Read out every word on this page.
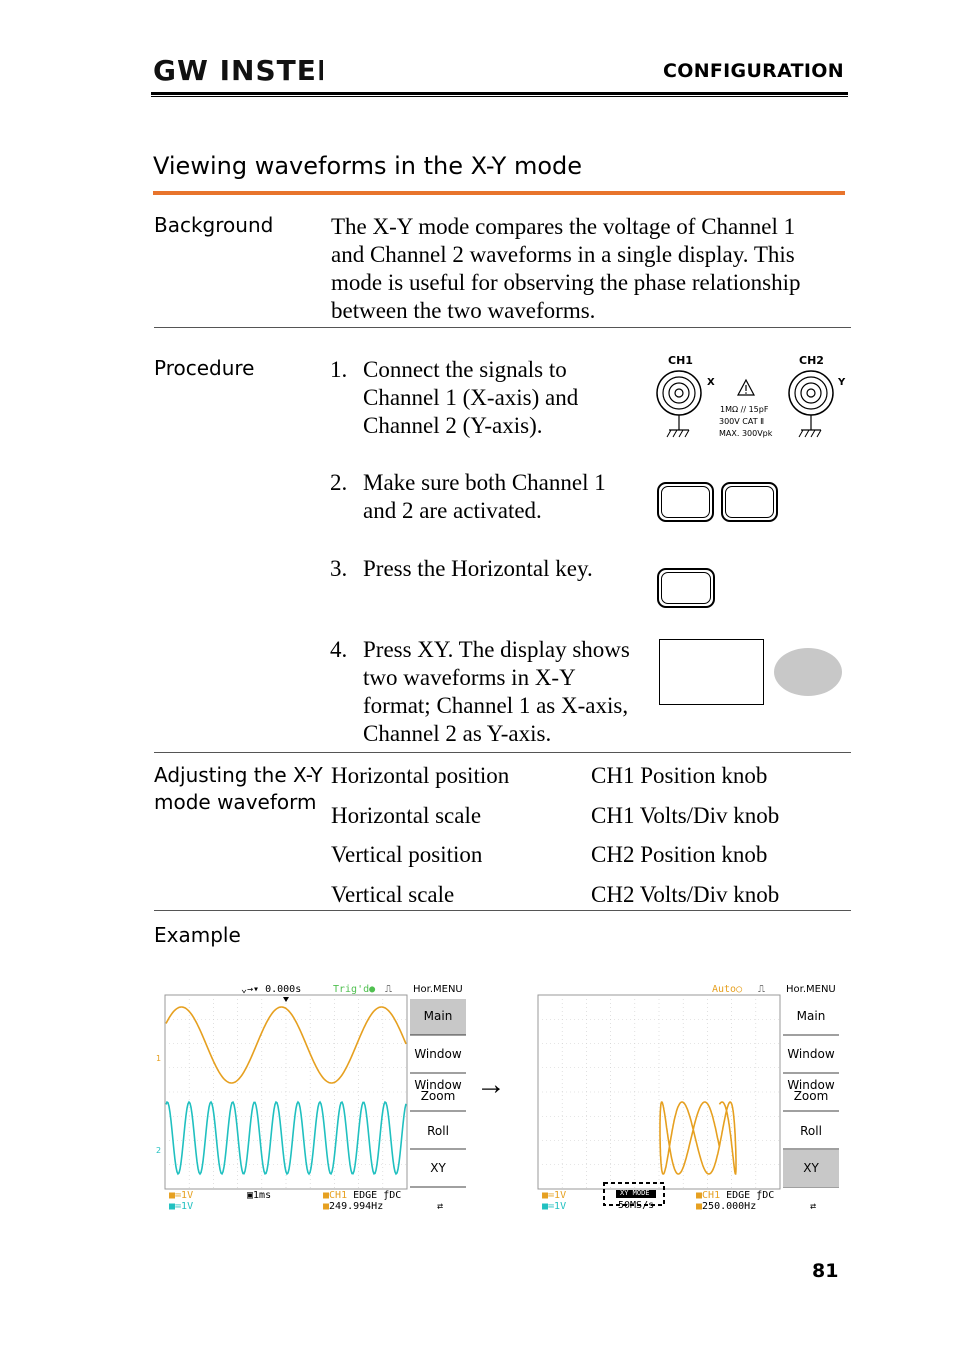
GW INSTEK	CONFIGURATION
Viewing waveforms in the X-Y mode
Background	The X-Y mode compares the voltage of Channel 1
and Channel 2 waveforms in a single display. This
mode is useful for observing the phase relationship
between the two waveforms.
Procedure	1. Connect the signals to
Channel 1 (X-axis) and
Channel 2 (Y-axis).
CH1	CH2
X
1MΩ // 15pF
300V CAT Ⅱ
MAX. 300Vpk
Y
2. Make sure both Channel 1
and 2 are activated.
3. Press the Horizontal key.
4. Press XY. The display shows
two waveforms in X-Y
format; Channel 1 as X-axis,
Channel 2 as Y-axis.
Adjusting the X-Y
mode waveform
Horizontal position	CH1 Position knob
Horizontal scale	CH1 Volts/Div knob
Vertical position	CH2 Position knob
Vertical scale	CH2 Volts/Div knob
Example
1
2
⌄→▾ 0.000s	Trig'd● ⎍ Hor.MENU
Main
Window
Window Zoom
Roll
XY
■≕1V
■≕1V
▣1ms	■CH1 EDGE ƒDC
■249.994Hz	⇄
→
Auto○ ⎍ Hor.MENU
Main
Window
Window Zoom
Roll
XY
■≕1V
■≕1V
XY MODE
50MS/s
■CH1 EDGE ƒDC
■250.000Hz	⇄
81
